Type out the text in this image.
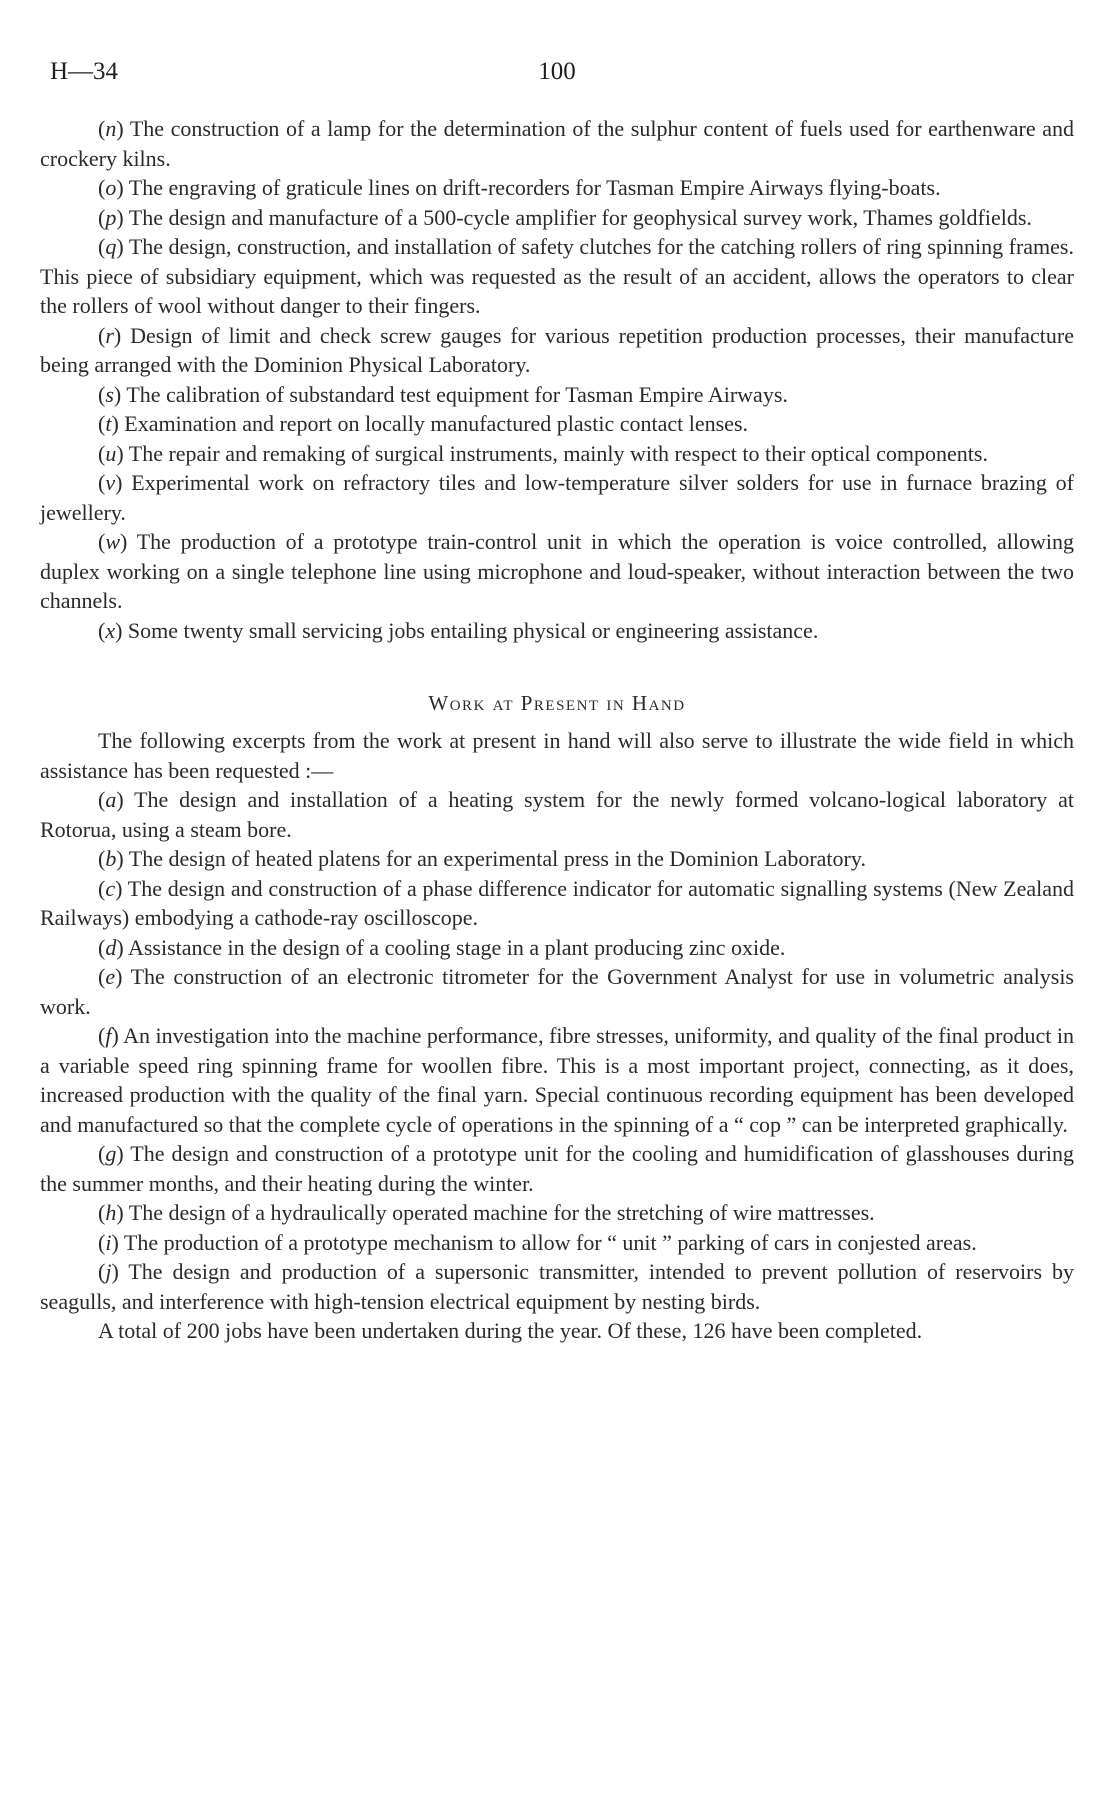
H—34	100

(n) The construction of a lamp for the determination of the sulphur content of fuels used for earthenware and crockery kilns.

(o) The engraving of graticule lines on drift-recorders for Tasman Empire Airways flying-boats.

(p) The design and manufacture of a 500-cycle amplifier for geophysical survey work, Thames goldfields.

(q) The design, construction, and installation of safety clutches for the catching rollers of ring spinning frames. This piece of subsidiary equipment, which was requested as the result of an accident, allows the operators to clear the rollers of wool without danger to their fingers.

(r) Design of limit and check screw gauges for various repetition production processes, their manufacture being arranged with the Dominion Physical Laboratory.

(s) The calibration of substandard test equipment for Tasman Empire Airways.

(t) Examination and report on locally manufactured plastic contact lenses.

(u) The repair and remaking of surgical instruments, mainly with respect to their optical components.

(v) Experimental work on refractory tiles and low-temperature silver solders for use in furnace brazing of jewellery.

(w) The production of a prototype train-control unit in which the operation is voice controlled, allowing duplex working on a single telephone line using microphone and loud-speaker, without interaction between the two channels.

(x) Some twenty small servicing jobs entailing physical or engineering assistance.

Work at Present in Hand

The following excerpts from the work at present in hand will also serve to illustrate the wide field in which assistance has been requested :—

(a) The design and installation of a heating system for the newly formed volcano-logical laboratory at Rotorua, using a steam bore.

(b) The design of heated platens for an experimental press in the Dominion Laboratory.

(c) The design and construction of a phase difference indicator for automatic signalling systems (New Zealand Railways) embodying a cathode-ray oscilloscope.

(d) Assistance in the design of a cooling stage in a plant producing zinc oxide.

(e) The construction of an electronic titrometer for the Government Analyst for use in volumetric analysis work.

(f) An investigation into the machine performance, fibre stresses, uniformity, and quality of the final product in a variable speed ring spinning frame for woollen fibre. This is a most important project, connecting, as it does, increased production with the quality of the final yarn. Special continuous recording equipment has been developed and manufactured so that the complete cycle of operations in the spinning of a “ cop ” can be interpreted graphically.

(g) The design and construction of a prototype unit for the cooling and humidification of glasshouses during the summer months, and their heating during the winter.

(h) The design of a hydraulically operated machine for the stretching of wire mattresses.

(i) The production of a prototype mechanism to allow for “ unit ” parking of cars in conjested areas.

(j) The design and production of a supersonic transmitter, intended to prevent pollution of reservoirs by seagulls, and interference with high-tension electrical equipment by nesting birds.

A total of 200 jobs have been undertaken during the year. Of these, 126 have been completed.
